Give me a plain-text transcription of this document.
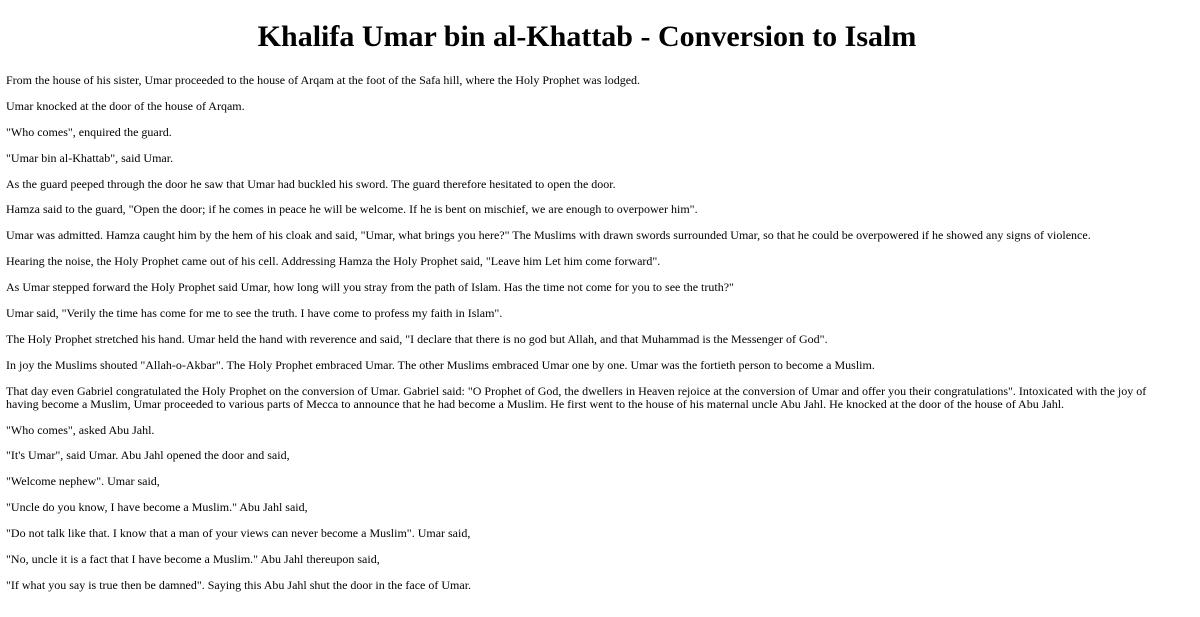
Khalifa Umar bin al-Khattab - Conversion to Isalm

From the house of his sister, Umar proceeded to the house of Arqam at the foot of the Safa hill, where the Holy Prophet was lodged.

Umar knocked at the door of the house of Arqam.

"Who comes", enquired the guard.

"Umar bin al-Khattab", said Umar.

As the guard peeped through the door he saw that Umar had buckled his sword. The guard therefore hesitated to open the door.

Hamza said to the guard, "Open the door; if he comes in peace he will be welcome. If he is bent on mischief, we are enough to overpower him".

Umar was admitted. Hamza caught him by the hem of his cloak and said, "Umar, what brings you here?" The Muslims with drawn swords surrounded Umar, so that he could be overpowered if he showed any signs of violence.

Hearing the noise, the Holy Prophet came out of his cell. Addressing Hamza the Holy Prophet said, "Leave him Let him come forward".

As Umar stepped forward the Holy Prophet said Umar, how long will you stray from the path of Islam. Has the time not come for you to see the truth?"

Umar said, "Verily the time has come for me to see the truth. I have come to profess my faith in Islam".

The Holy Prophet stretched his hand. Umar held the hand with reverence and said, "I declare that there is no god but Allah, and that Muhammad is the Messenger of God".

In joy the Muslims shouted "Allah-o-Akbar". The Holy Prophet embraced Umar. The other Muslims embraced Umar one by one. Umar was the fortieth person to become a Muslim.

That day even Gabriel congratulated the Holy Prophet on the conversion of Umar. Gabriel said: "O Prophet of God, the dwellers in Heaven rejoice at the conversion of Umar and offer you their congratulations". Intoxicated with the joy of having become a Muslim, Umar proceeded to various parts of Mecca to announce that he had become a Muslim. He first went to the house of his maternal uncle Abu Jahl. He knocked at the door of the house of Abu Jahl.

"Who comes", asked Abu Jahl.

"It's Umar", said Umar. Abu Jahl opened the door and said,

"Welcome nephew". Umar said,

"Uncle do you know, I have become a Muslim." Abu Jahl said,

"Do not talk like that. I know that a man of your views can never become a Muslim". Umar said,

"No, uncle it is a fact that I have become a Muslim." Abu Jahl thereupon said,

"If what you say is true then be damned". Saying this Abu Jahl shut the door in the face of Umar.
